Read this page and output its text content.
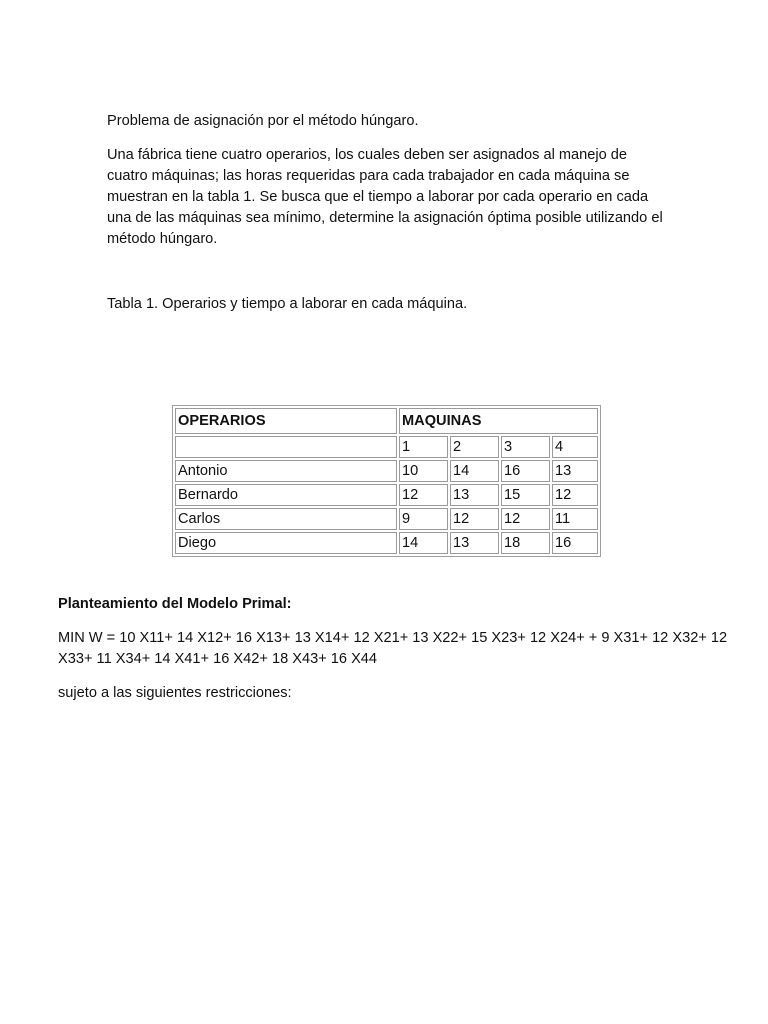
Problema de asignación por el método húngaro.

Una fábrica tiene cuatro operarios, los cuales deben ser asignados al manejo de cuatro máquinas; las horas requeridas para cada trabajador en cada máquina se muestran en la tabla 1. Se busca que el tiempo a laborar por cada operario en cada una de las máquinas sea mínimo, determine la asignación óptima posible utilizando el método húngaro.

Tabla 1. Operarios y tiempo a laborar en cada máquina.

OPERARIOS	MAQUINAS			
	1	2	3	4
Antonio	10	14	16	13
Bernardo	12	13	15	12
Carlos	9	12	12	11
Diego	14	13	18	16

Planteamiento del Modelo Primal:

MIN W = 10 X11+ 14 X12+ 16 X13+ 13 X14+ 12 X21+ 13 X22+ 15 X23+ 12 X24+ + 9 X31+ 12 X32+ 12 X33+ 11 X34+ 14 X41+ 16 X42+ 18 X43+ 16 X44

sujeto a las siguientes restricciones:
